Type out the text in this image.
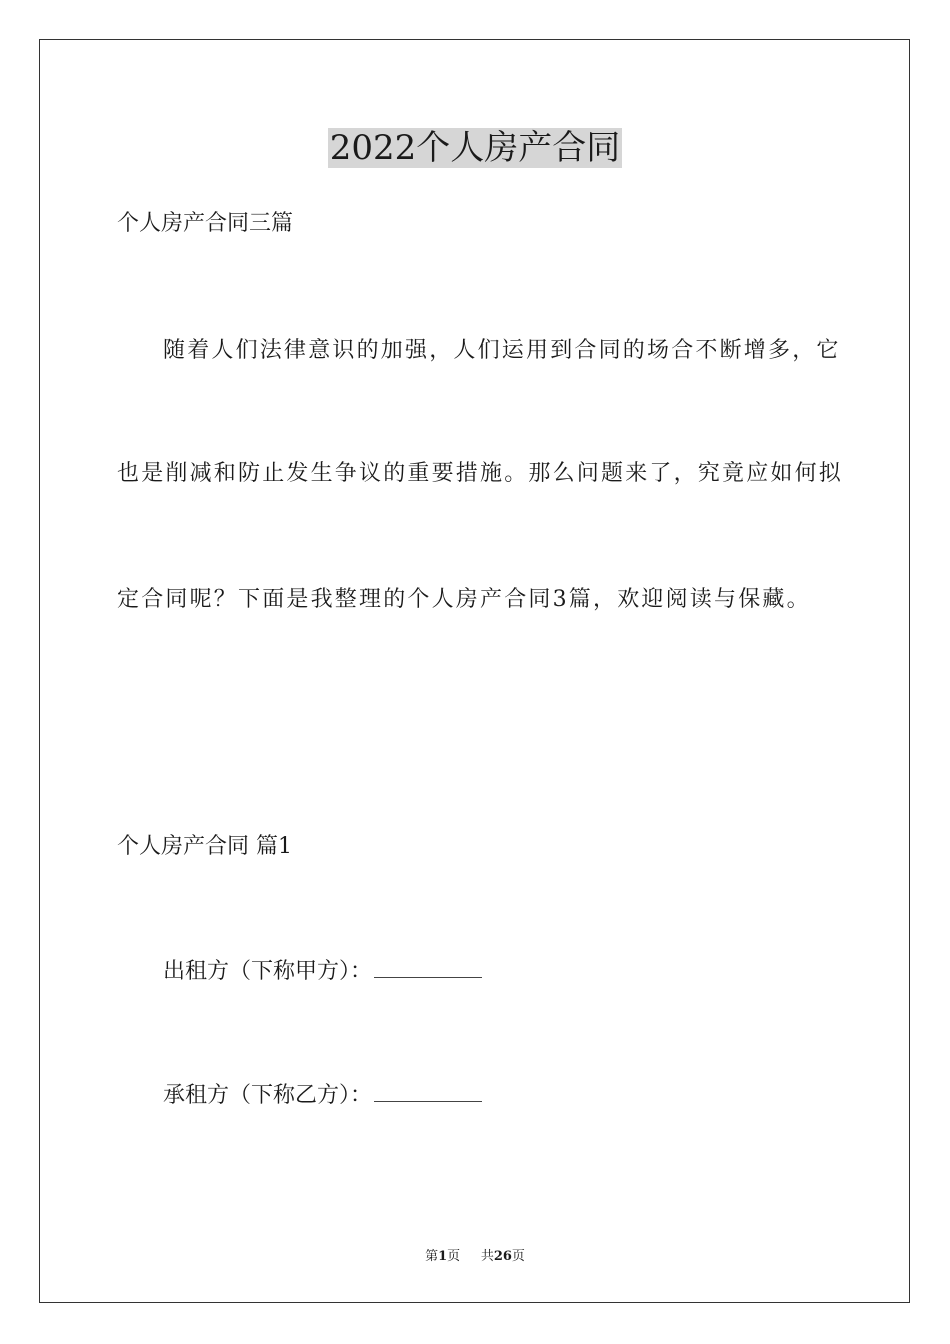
2022个人房产合同
个人房产合同三篇
随着人们法律意识的加强，人们运用到合同的场合不断增多，它
也是削减和防止发生争议的重要措施。那么问题来了，究竟应如何拟
定合同呢？下面是我整理的个人房产合同3篇，欢迎阅读与保藏。
个人房产合同 篇1
出租方（下称甲方）：
承租方（下称乙方）：
第1页 共26页
